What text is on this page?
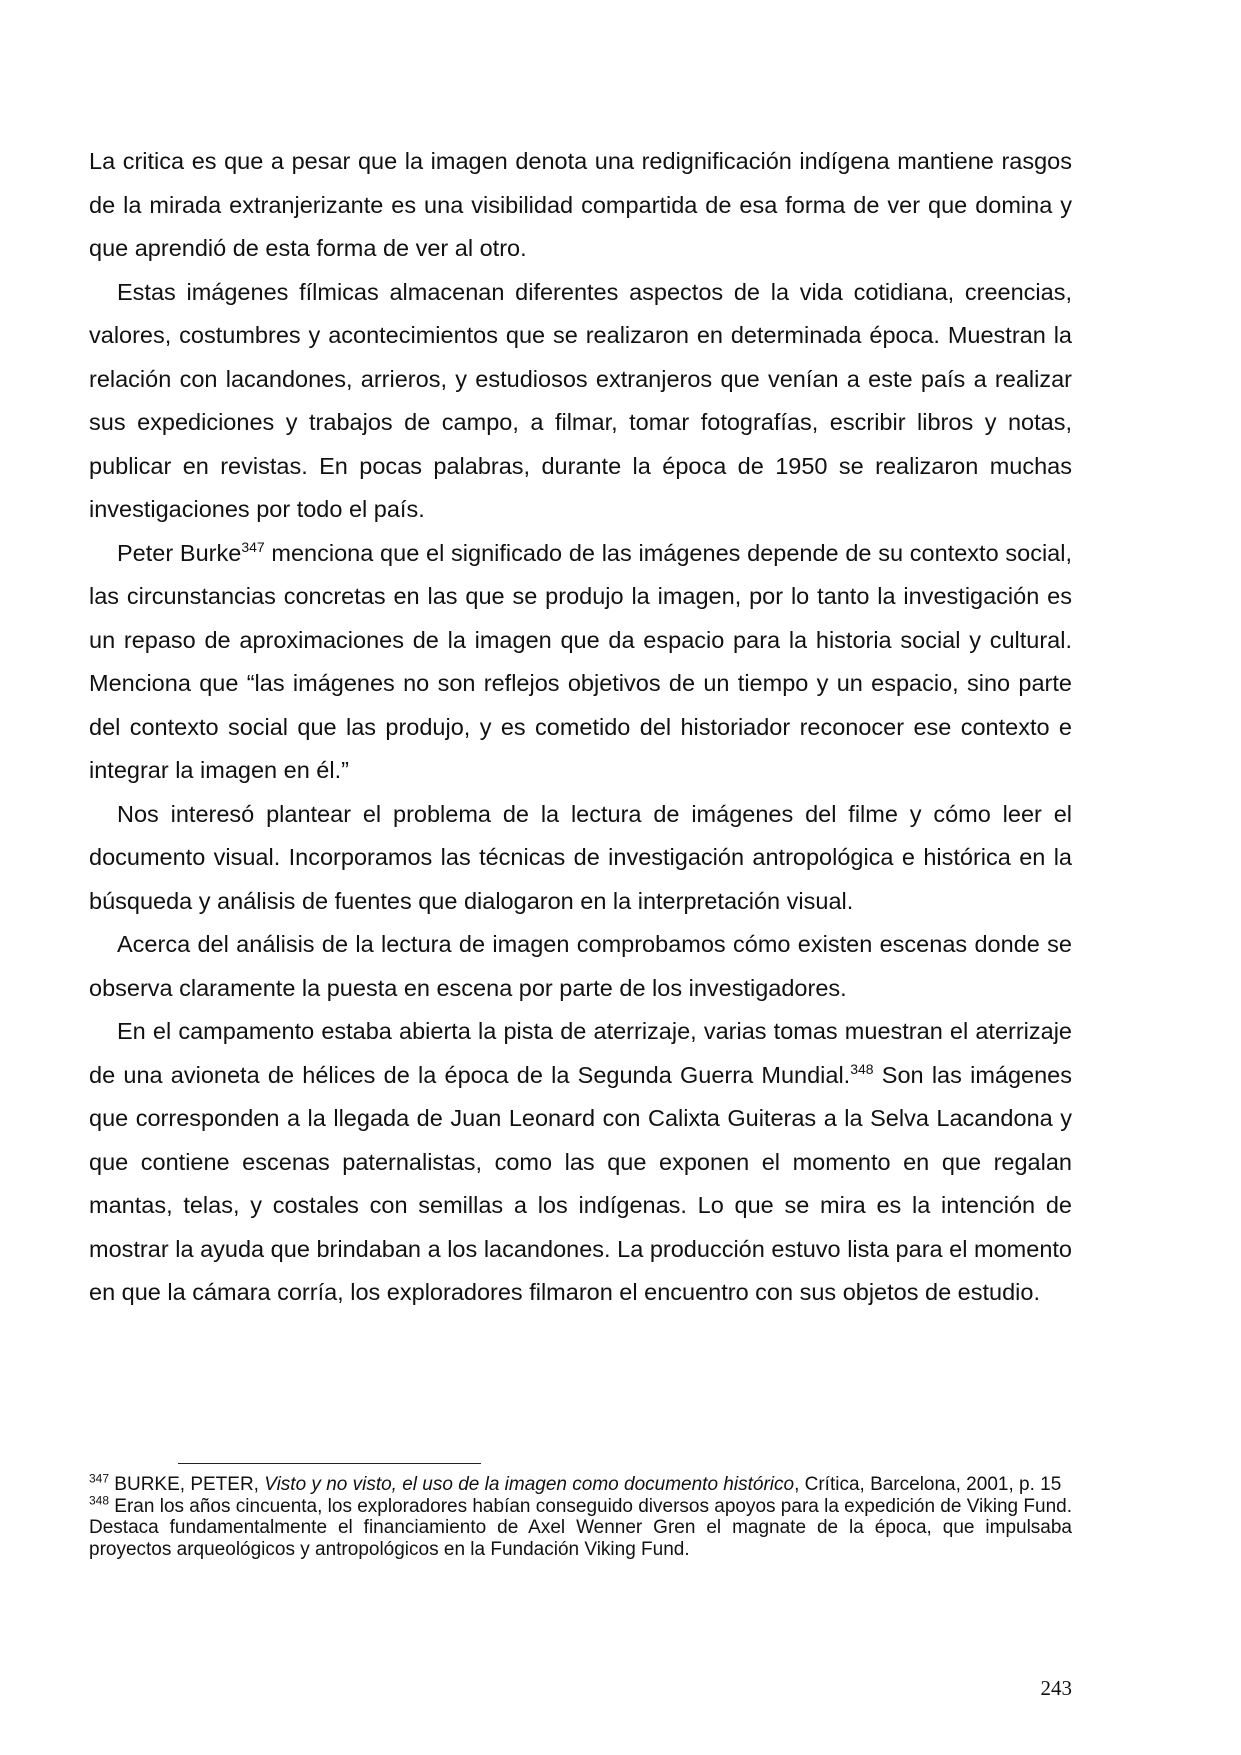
La critica es que a pesar que la imagen denota una redignificación indígena mantiene rasgos de la mirada extranjerizante es una visibilidad compartida de esa forma de ver que domina y que aprendió de esta forma de ver al otro.

Estas imágenes fílmicas almacenan diferentes aspectos de la vida cotidiana, creencias, valores, costumbres y acontecimientos que se realizaron en determinada época. Muestran la relación con lacandones, arrieros, y estudiosos extranjeros que venían a este país a realizar sus expediciones y trabajos de campo, a filmar, tomar fotografías, escribir libros y notas, publicar en revistas. En pocas palabras, durante la época de 1950 se realizaron muchas investigaciones por todo el país.

Peter Burke$^{347}$ menciona que el significado de las imágenes depende de su contexto social, las circunstancias concretas en las que se produjo la imagen, por lo tanto la investigación es un repaso de aproximaciones de la imagen que da espacio para la historia social y cultural. Menciona que “las imágenes no son reflejos objetivos de un tiempo y un espacio, sino parte del contexto social que las produjo, y es cometido del historiador reconocer ese contexto e integrar la imagen en él.”

Nos interesó plantear el problema de la lectura de imágenes del filme y cómo leer el documento visual. Incorporamos las técnicas de investigación antropológica e histórica en la búsqueda y análisis de fuentes que dialogaron en la interpretación visual.

Acerca del análisis de la lectura de imagen comprobamos cómo existen escenas donde se observa claramente la puesta en escena por parte de los investigadores.

En el campamento estaba abierta la pista de aterrizaje, varias tomas muestran el aterrizaje de una avioneta de hélices de la época de la Segunda Guerra Mundial.$^{348}$ Son las imágenes que corresponden a la llegada de Juan Leonard con Calixta Guiteras a la Selva Lacandona y que contiene escenas paternalistas, como las que exponen el momento en que regalan mantas, telas, y costales con semillas a los indígenas. Lo que se mira es la intención de mostrar la ayuda que brindaban a los lacandones. La producción estuvo lista para el momento en que la cámara corría, los exploradores filmaron el encuentro con sus objetos de estudio.

$^{347}$ BURKE, PETER, Visto y no visto, el uso de la imagen como documento histórico, Crítica, Barcelona, 2001, p. 15

$^{348}$ Eran los años cincuenta, los exploradores habían conseguido diversos apoyos para la expedición de Viking Fund. Destaca fundamentalmente el financiamiento de Axel Wenner Gren el magnate de la época, que impulsaba proyectos arqueológicos y antropológicos en la Fundación Viking Fund.

243
